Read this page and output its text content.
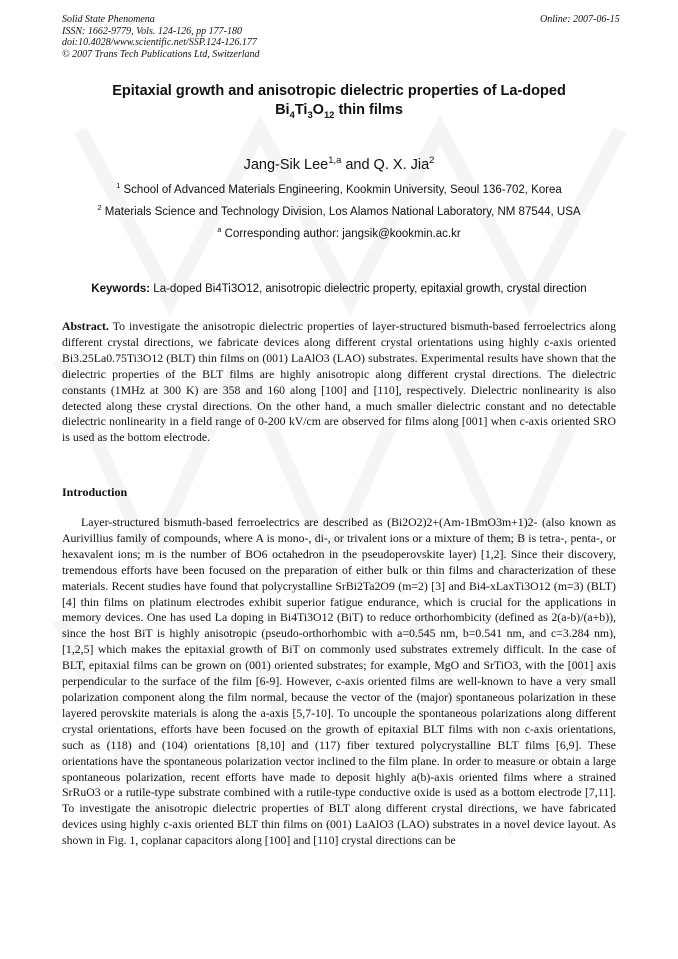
Solid State Phenomena
ISSN: 1662-9779, Vols. 124-126, pp 177-180
doi:10.4028/www.scientific.net/SSP.124-126.177
© 2007 Trans Tech Publications Ltd, Switzerland
Online: 2007-06-15
Epitaxial growth and anisotropic dielectric properties of La-doped
$Bi_4Ti_3O_{12}$ thin films
Jang-Sik Lee$^{1,a}$ and Q. X. Jia$^2$
$^1$ School of Advanced Materials Engineering, Kookmin University, Seoul 136-702, Korea
$^2$ Materials Science and Technology Division, Los Alamos National Laboratory, NM 87544, USA
$^a$ Corresponding author: jangsik@kookmin.ac.kr
Keywords: La-doped Bi4Ti3O12, anisotropic dielectric property, epitaxial growth, crystal direction
Abstract. To investigate the anisotropic dielectric properties of layer-structured bismuth-based ferroelectrics along different crystal directions, we fabricate devices along different crystal orientations using highly c-axis oriented Bi3.25La0.75Ti3O12 (BLT) thin films on (001) LaAlO3 (LAO) substrates. Experimental results have shown that the dielectric properties of the BLT films are highly anisotropic along different crystal directions. The dielectric constants (1MHz at 300 K) are 358 and 160 along [100] and [110], respectively. Dielectric nonlinearity is also detected along these crystal directions. On the other hand, a much smaller dielectric constant and no detectable dielectric nonlinearity in a field range of 0-200 kV/cm are observed for films along [001] when c-axis oriented SRO is used as the bottom electrode.
Introduction
Layer-structured bismuth-based ferroelectrics are described as (Bi2O2)2+(Am-1BmO3m+1)2- (also known as Aurivillius family of compounds, where A is mono-, di-, or trivalent ions or a mixture of them; B is tetra-, penta-, or hexavalent ions; m is the number of BO6 octahedron in the pseudoperovskite layer) [1,2]. Since their discovery, tremendous efforts have been focused on the preparation of either bulk or thin films and characterization of these materials. Recent studies have found that polycrystalline SrBi2Ta2O9 (m=2) [3] and Bi4-xLaxTi3O12 (m=3) (BLT) [4] thin films on platinum electrodes exhibit superior fatigue endurance, which is crucial for the applications in memory devices. One has used La doping in Bi4Ti3O12 (BiT) to reduce orthorhombicity (defined as 2(a-b)/(a+b)), since the host BiT is highly anisotropic (pseudo-orthorhombic with a=0.545 nm, b=0.541 nm, and c=3.284 nm),[1,2,5] which makes the epitaxial growth of BiT on commonly used substrates extremely difficult. In the case of BLT, epitaxial films can be grown on (001) oriented substrates; for example, MgO and SrTiO3, with the [001] axis perpendicular to the surface of the film [6-9]. However, c-axis oriented films are well-known to have a very small polarization component along the film normal, because the vector of the (major) spontaneous polarization in these layered perovskite materials is along the a-axis [5,7-10]. To uncouple the spontaneous polarizations along different crystal orientations, efforts have been focused on the growth of epitaxial BLT films with non c-axis orientations, such as (118) and (104) orientations [8,10] and (117) fiber textured polycrystalline BLT films [6,9]. These orientations have the spontaneous polarization vector inclined to the film plane. In order to measure or obtain a large spontaneous polarization, recent efforts have made to deposit highly a(b)-axis oriented films where a strained SrRuO3 or a rutile-type substrate combined with a rutile-type conductive oxide is used as a bottom electrode [7,11]. To investigate the anisotropic dielectric properties of BLT along different crystal directions, we have fabricated devices using highly c-axis oriented BLT thin films on (001) LaAlO3 (LAO) substrates in a novel device layout. As shown in Fig. 1, coplanar capacitors along [100] and [110] crystal directions can be
